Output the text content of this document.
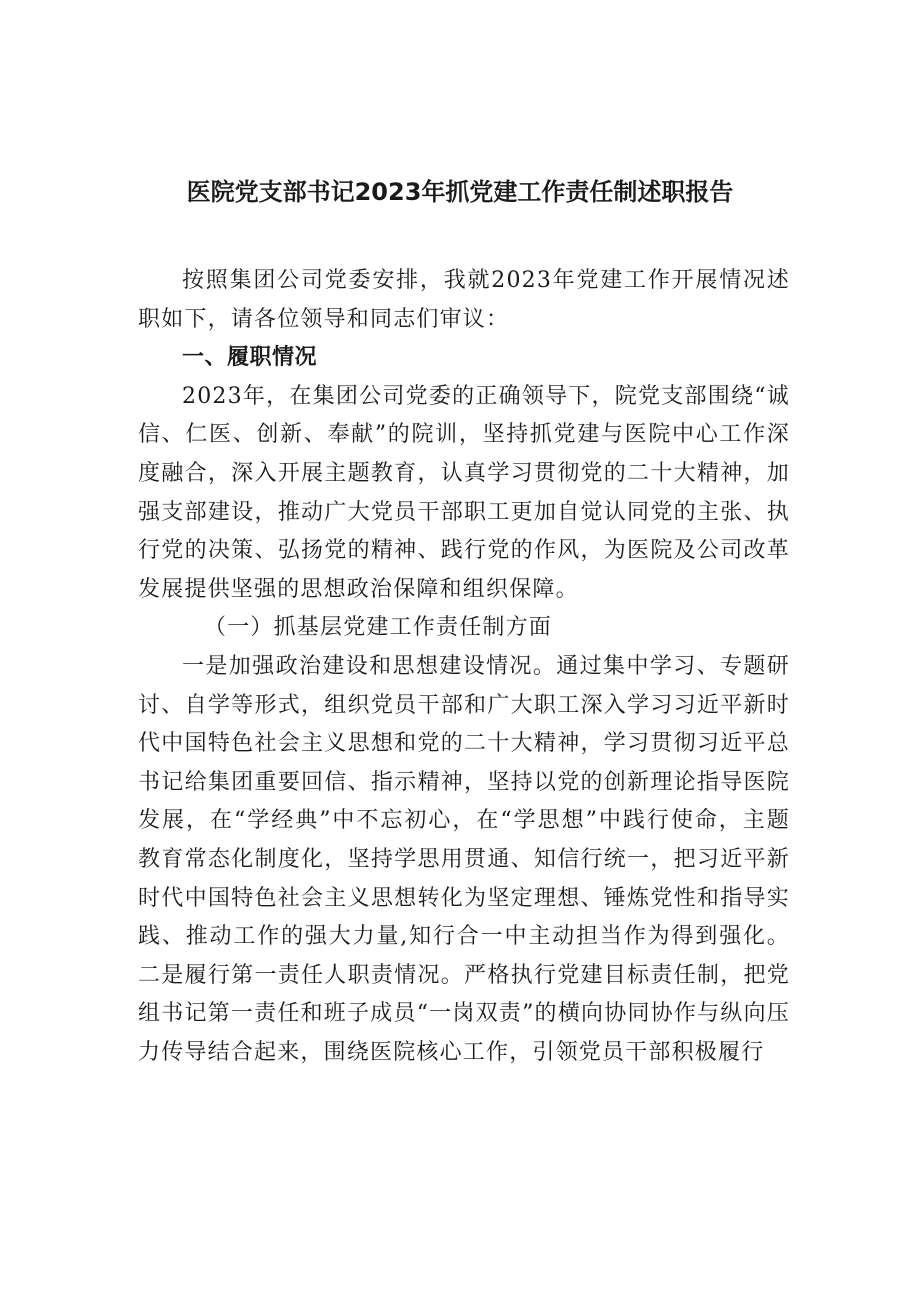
医院党支部书记2023年抓党建工作责任制述职报告

按照集团公司党委安排，我就2023年党建工作开展情况述职如下，请各位领导和同志们审议：

一、履职情况

2023年，在集团公司党委的正确领导下，院党支部围绕“诚信、仁医、创新、奉献”的院训，坚持抓党建与医院中心工作深度融合，深入开展主题教育，认真学习贯彻党的二十大精神，加强支部建设，推动广大党员干部职工更加自觉认同党的主张、执行党的决策、弘扬党的精神、践行党的作风，为医院及公司改革发展提供坚强的思想政治保障和组织保障。

（一）抓基层党建工作责任制方面

一是加强政治建设和思想建设情况。通过集中学习、专题研讨、自学等形式，组织党员干部和广大职工深入学习习近平新时代中国特色社会主义思想和党的二十大精神，学习贯彻习近平总书记给集团重要回信、指示精神，坚持以党的创新理论指导医院发展，在“学经典”中不忘初心，在“学思想”中践行使命，主题教育常态化制度化，坚持学思用贯通、知信行统一，把习近平新时代中国特色社会主义思想转化为坚定理想、锤炼党性和指导实践、推动工作的强大力量,知行合一中主动担当作为得到强化。二是履行第一责任人职责情况。严格执行党建目标责任制，把党组书记第一责任和班子成员“一岗双责”的横向协同协作与纵向压力传导结合起来，围绕医院核心工作，引领党员干部积极履行
